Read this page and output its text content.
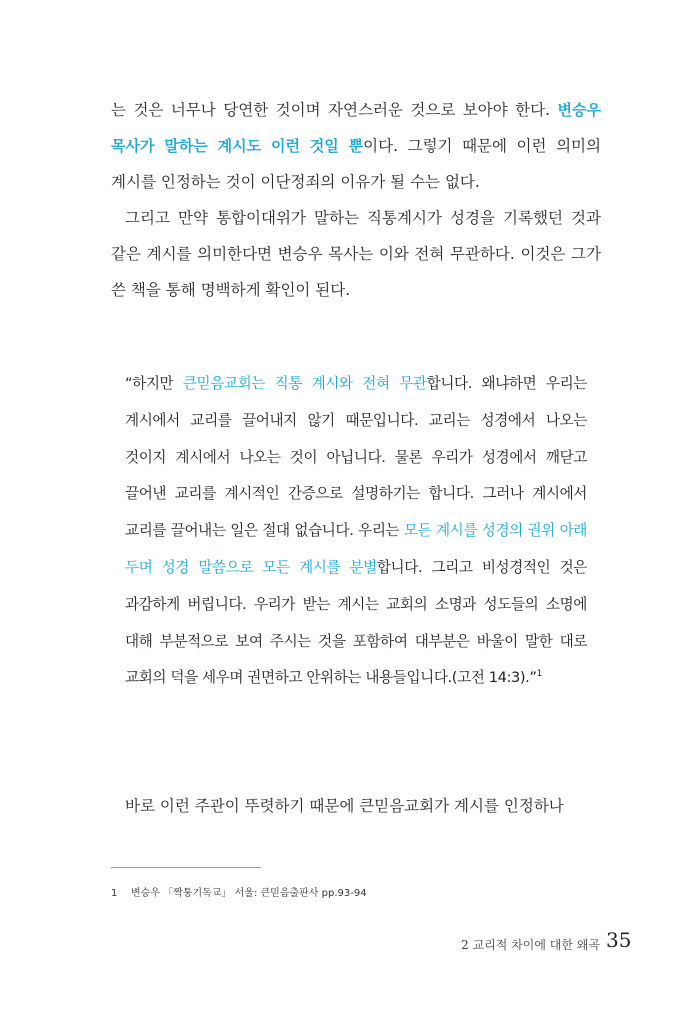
는 것은 너무나 당연한 것이며 자연스러운 것으로 보아야 한다. 변승우 목사가 말하는 계시도 이런 것일 뿐이다. 그렇기 때문에 이런 의미의 계시를 인정하는 것이 이단정죄의 이유가 될 수는 없다.

그리고 만약 통합이대위가 말하는 직통계시가 성경을 기록했던 것과 같은 계시를 의미한다면 변승우 목사는 이와 전혀 무관하다. 이것은 그가 쓴 책을 통해 명백하게 확인이 된다.

“하지만 큰믿음교회는 직통 계시와 전혀 무관합니다. 왜냐하면 우리는 계시에서 교리를 끌어내지 않기 때문입니다. 교리는 성경에서 나오는 것이지 계시에서 나오는 것이 아닙니다. 물론 우리가 성경에서 깨닫고 끌어낸 교리를 계시적인 간증으로 설명하기는 합니다. 그러나 계시에서 교리를 끌어내는 일은 절대 없습니다. 우리는 모든 계시를 성경의 권위 아래 두며 성경 말씀으로 모든 계시를 분별합니다. 그리고 비성경적인 것은 과감하게 버립니다. 우리가 받는 계시는 교회의 소명과 성도들의 소명에 대해 부분적으로 보여 주시는 것을 포함하여 대부분은 바울이 말한 대로 교회의 덕을 세우며 권면하고 안위하는 내용들입니다.(고전 14:3).”$^1$

바로 이런 주관이 뚜렷하기 때문에 큰믿음교회가 계시를 인정하나

1 변승우 「짝퉁기독교」 서울: 큰믿음출판사 pp.93-94
2 교리적 차이에 대한 왜곡 35
